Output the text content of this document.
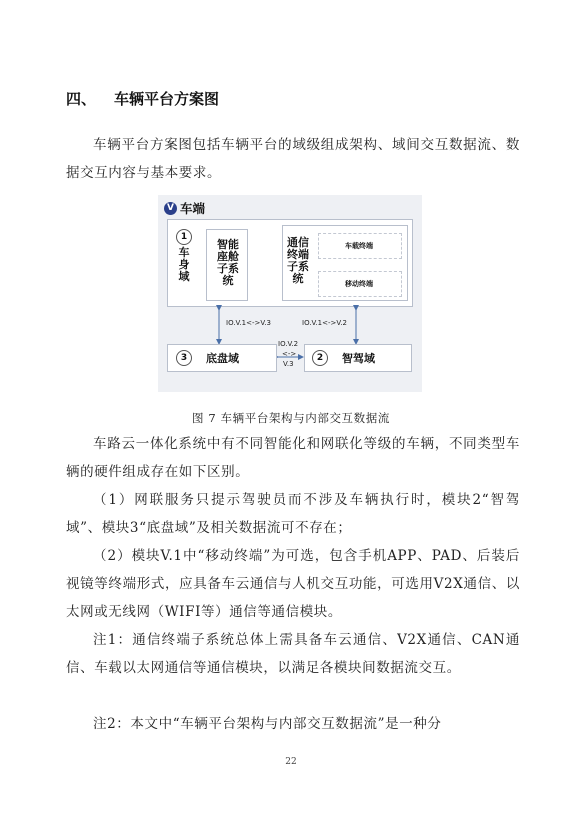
四、 车辆平台方案图
车辆平台方案图包括车辆平台的域级组成架构、域间交互数据流、数据交互内容与基本要求。
V 车端
1
车身域
智能座舱子系统
通信终端子系统
车载终端
移动终端
IO.V.1<->V.3	IO.V.1<->V.2
IO.V.2
<->
V.3
3	底盘域	2	智驾域
图 7 车辆平台架构与内部交互数据流
车路云一体化系统中有不同智能化和网联化等级的车辆，不同类型车辆的硬件组成存在如下区别。
（1）网联服务只提示驾驶员而不涉及车辆执行时，模块2“智驾域”、模块3“底盘域”及相关数据流可不存在；
（2）模块V.1中“移动终端”为可选，包含手机APP、PAD、后装后视镜等终端形式，应具备车云通信与人机交互功能，可选用V2X通信、以太网或无线网（WIFI等）通信等通信模块。
注1：通信终端子系统总体上需具备车云通信、V2X通信、CAN通信、车载以太网通信等通信模块，以满足各模块间数据流交互。
注2：本文中“车辆平台架构与内部交互数据流”是一种分
22
